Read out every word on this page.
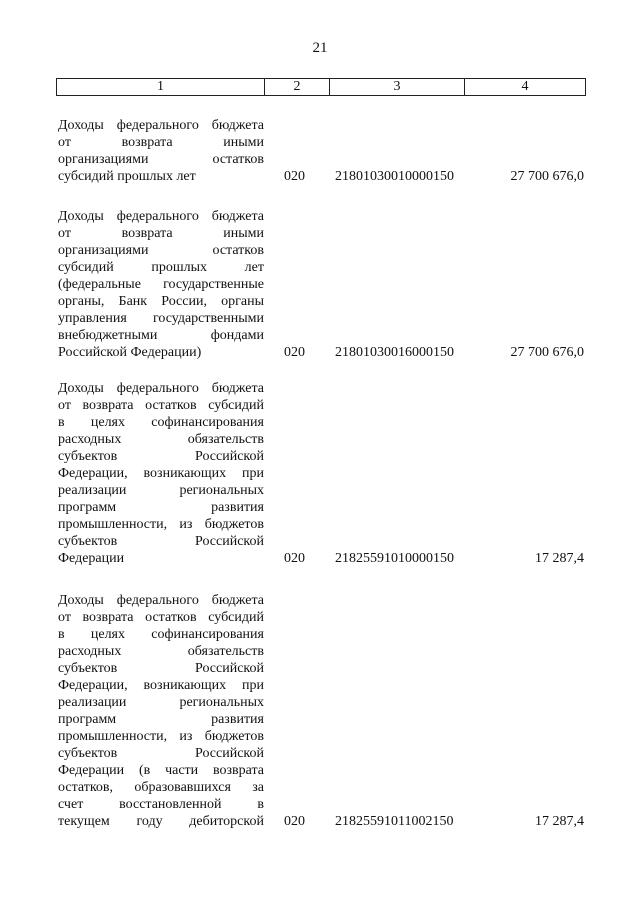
21
1	2	3	4
Доходы федерального бюджета
от	возврата	иными
организациями	остатков
субсидий прошлых лет	020 21801030010000150	27 700 676,0
Доходы федерального бюджета
от	возврата	иными
организациями	остатков
субсидий	прошлых	лет
(федеральные государственные
органы, Банк России, органы
управления государственными
внебюджетными	фондами
Российской Федерации)	020 21801030016000150	27 700 676,0
Доходы федерального бюджета
от возврата остатков субсидий
в целях софинансирования
расходных	обязательств
субъектов	Российской
Федерации, возникающих при
реализации	региональных
программ	развития
промышленности, из бюджетов
субъектов	Российской
Федерации	020 21825591010000150	17 287,4
Доходы федерального бюджета
от возврата остатков субсидий
в целях софинансирования
расходных	обязательств
субъектов	Российской
Федерации, возникающих при
реализации	региональных
программ	развития
промышленности, из бюджетов
субъектов	Российской
Федерации (в части возврата
остатков, образовавшихся за
счет	восстановленной	в
текущем году дебиторской 020 21825591011002150	17 287,4
